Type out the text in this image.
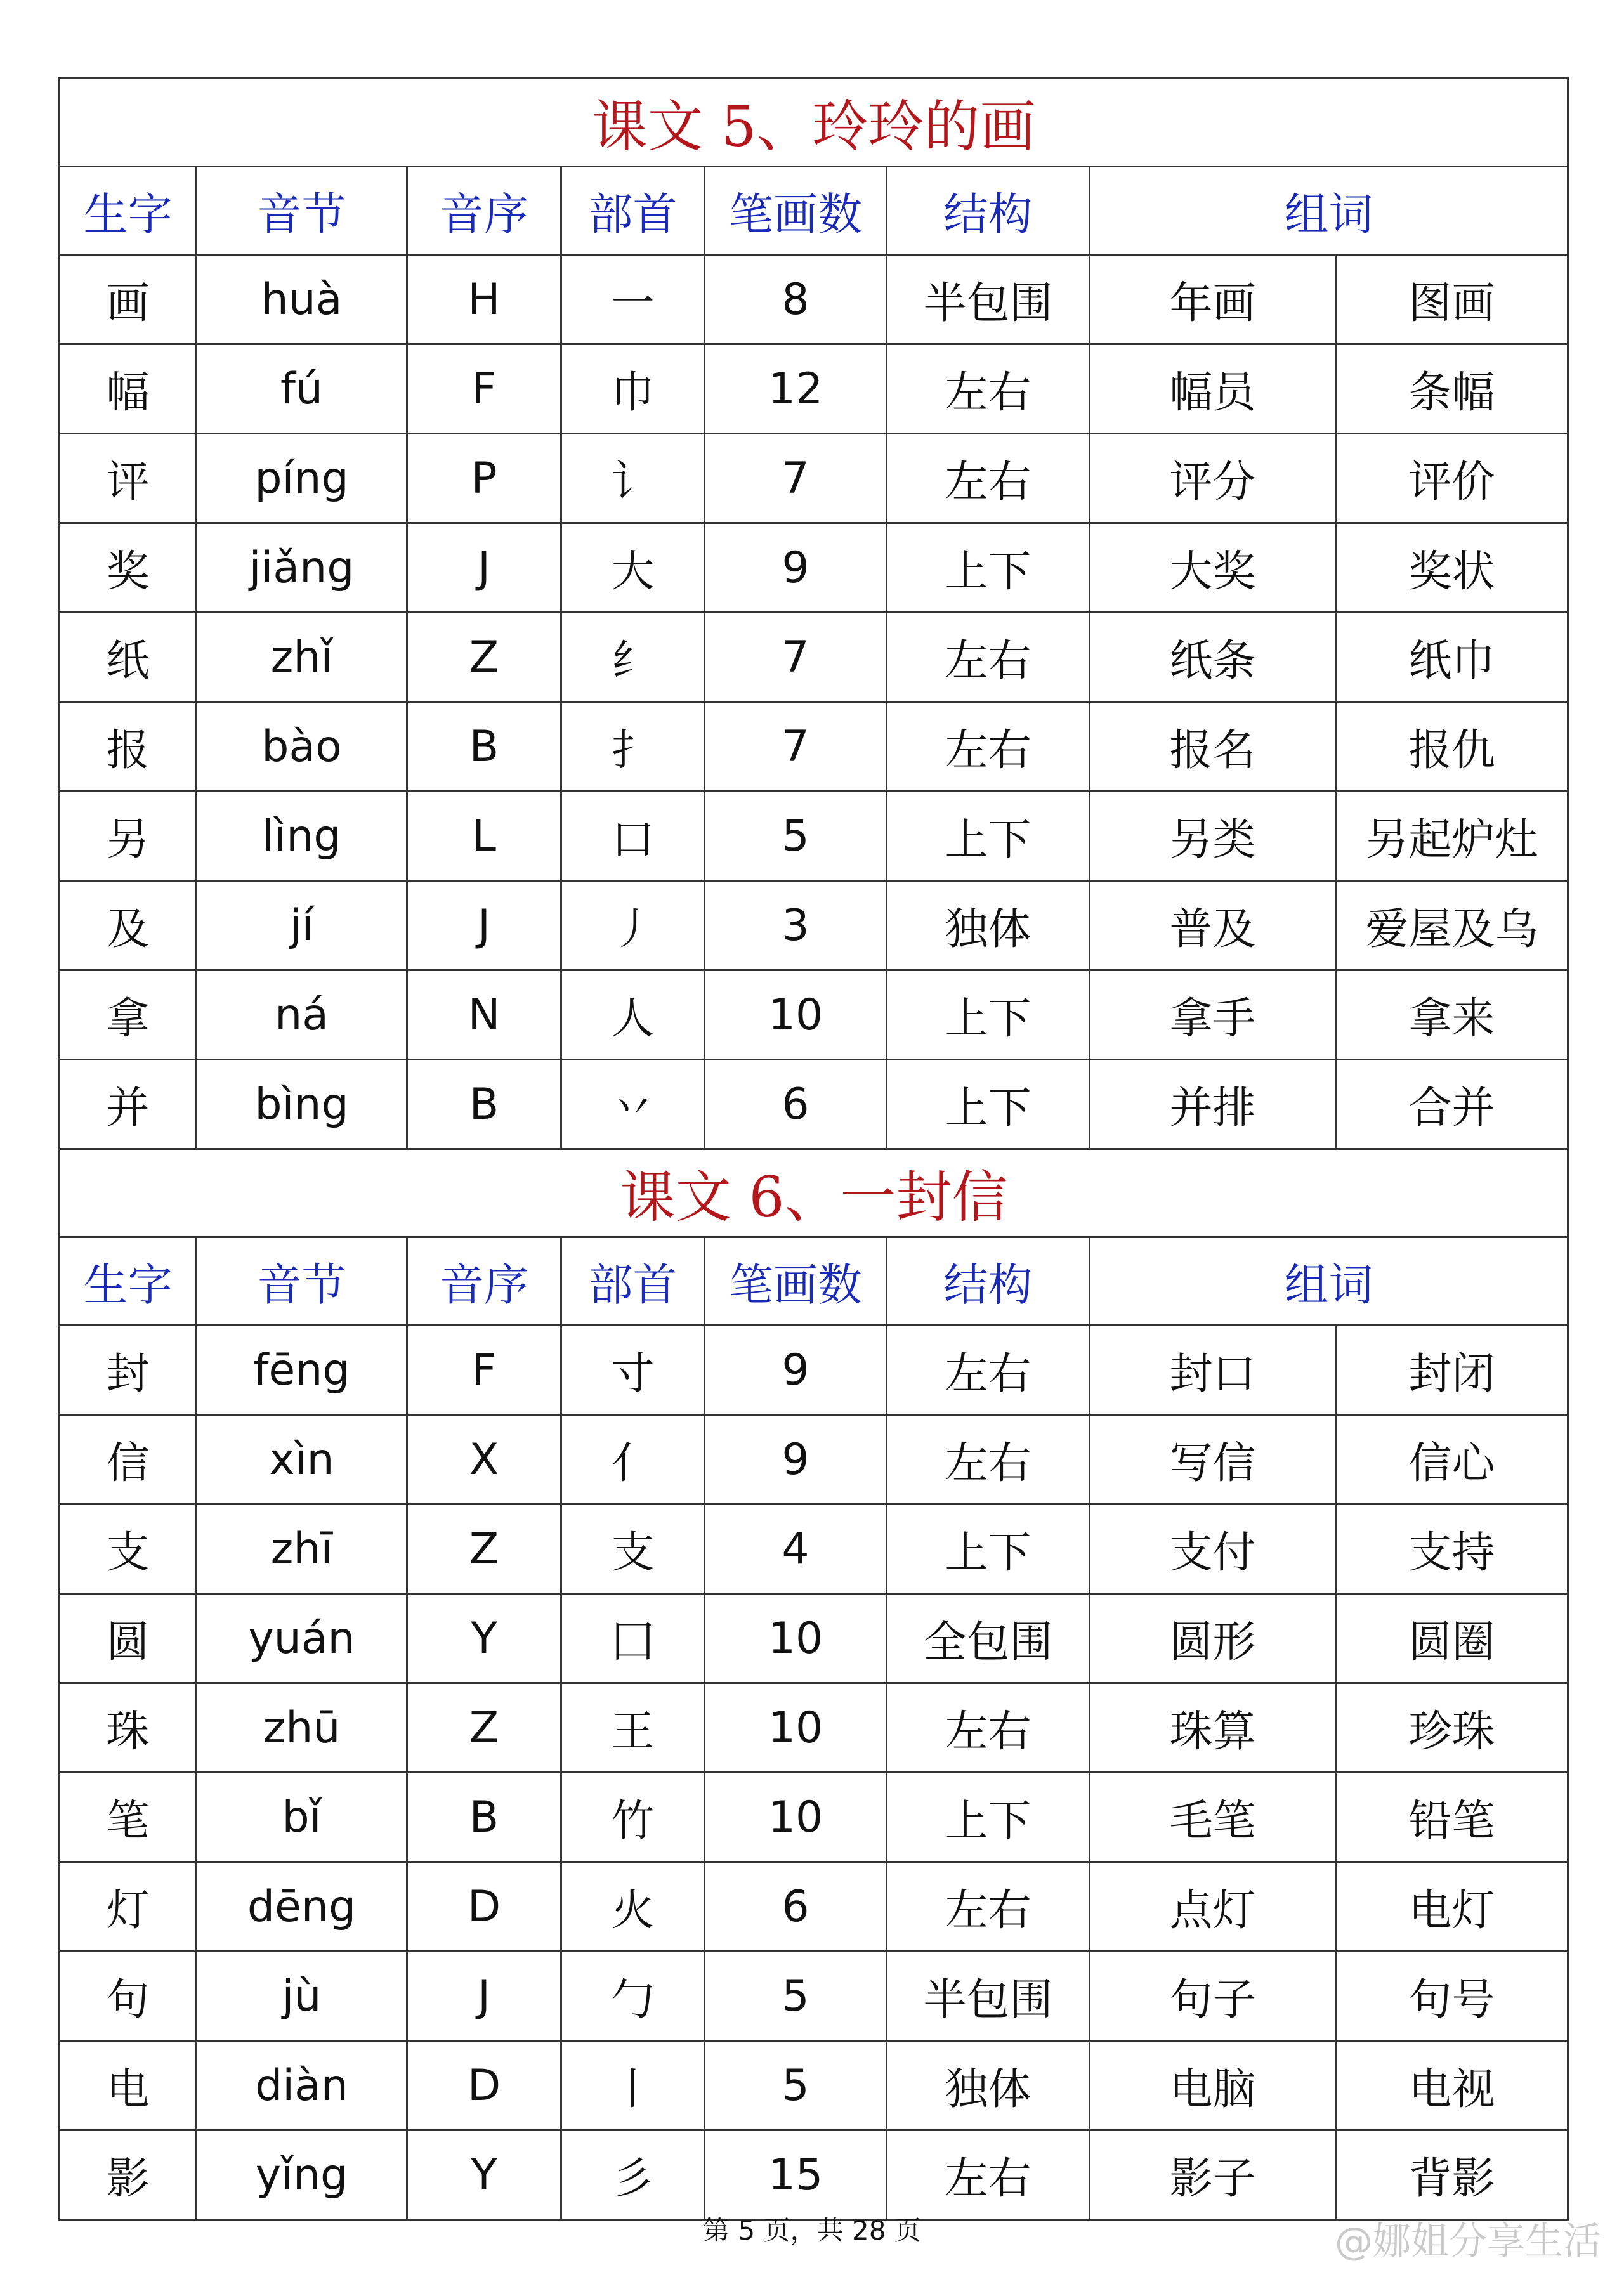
课文 5、玲玲的画							
生字	音节	音序	部首	笔画数	结构	组词	
画	huà	H	一	8	半包围	年画	图画
幅	fú	F	巾	12	左右	幅员	条幅
评	píng	P	讠	7	左右	评分	评价
奖	jiǎng	J	大	9	上下	大奖	奖状
纸	zhǐ	Z	纟	7	左右	纸条	纸巾
报	bào	B	扌	7	左右	报名	报仇
另	lìng	L	口	5	上下	另类	另起炉灶
及	jí	J	丿	3	独体	普及	爱屋及乌
拿	ná	N	人	10	上下	拿手	拿来
并	bìng	B	丷	6	上下	并排	合并
课文 6、一封信							
生字	音节	音序	部首	笔画数	结构	组词	
封	fēng	F	寸	9	左右	封口	封闭
信	xìn	X	亻	9	左右	写信	信心
支	zhī	Z	支	4	上下	支付	支持
圆	yuán	Y	囗	10	全包围	圆形	圆圈
珠	zhū	Z	王	10	左右	珠算	珍珠
笔	bǐ	B	竹	10	上下	毛笔	铅笔
灯	dēng	D	火	6	左右	点灯	电灯
句	jù	J	勹	5	半包围	句子	句号
电	diàn	D	丨	5	独体	电脑	电视
影	yǐng	Y	彡	15	左右	影子	背影
第 5 页，共 28 页	@娜姐分享生活
